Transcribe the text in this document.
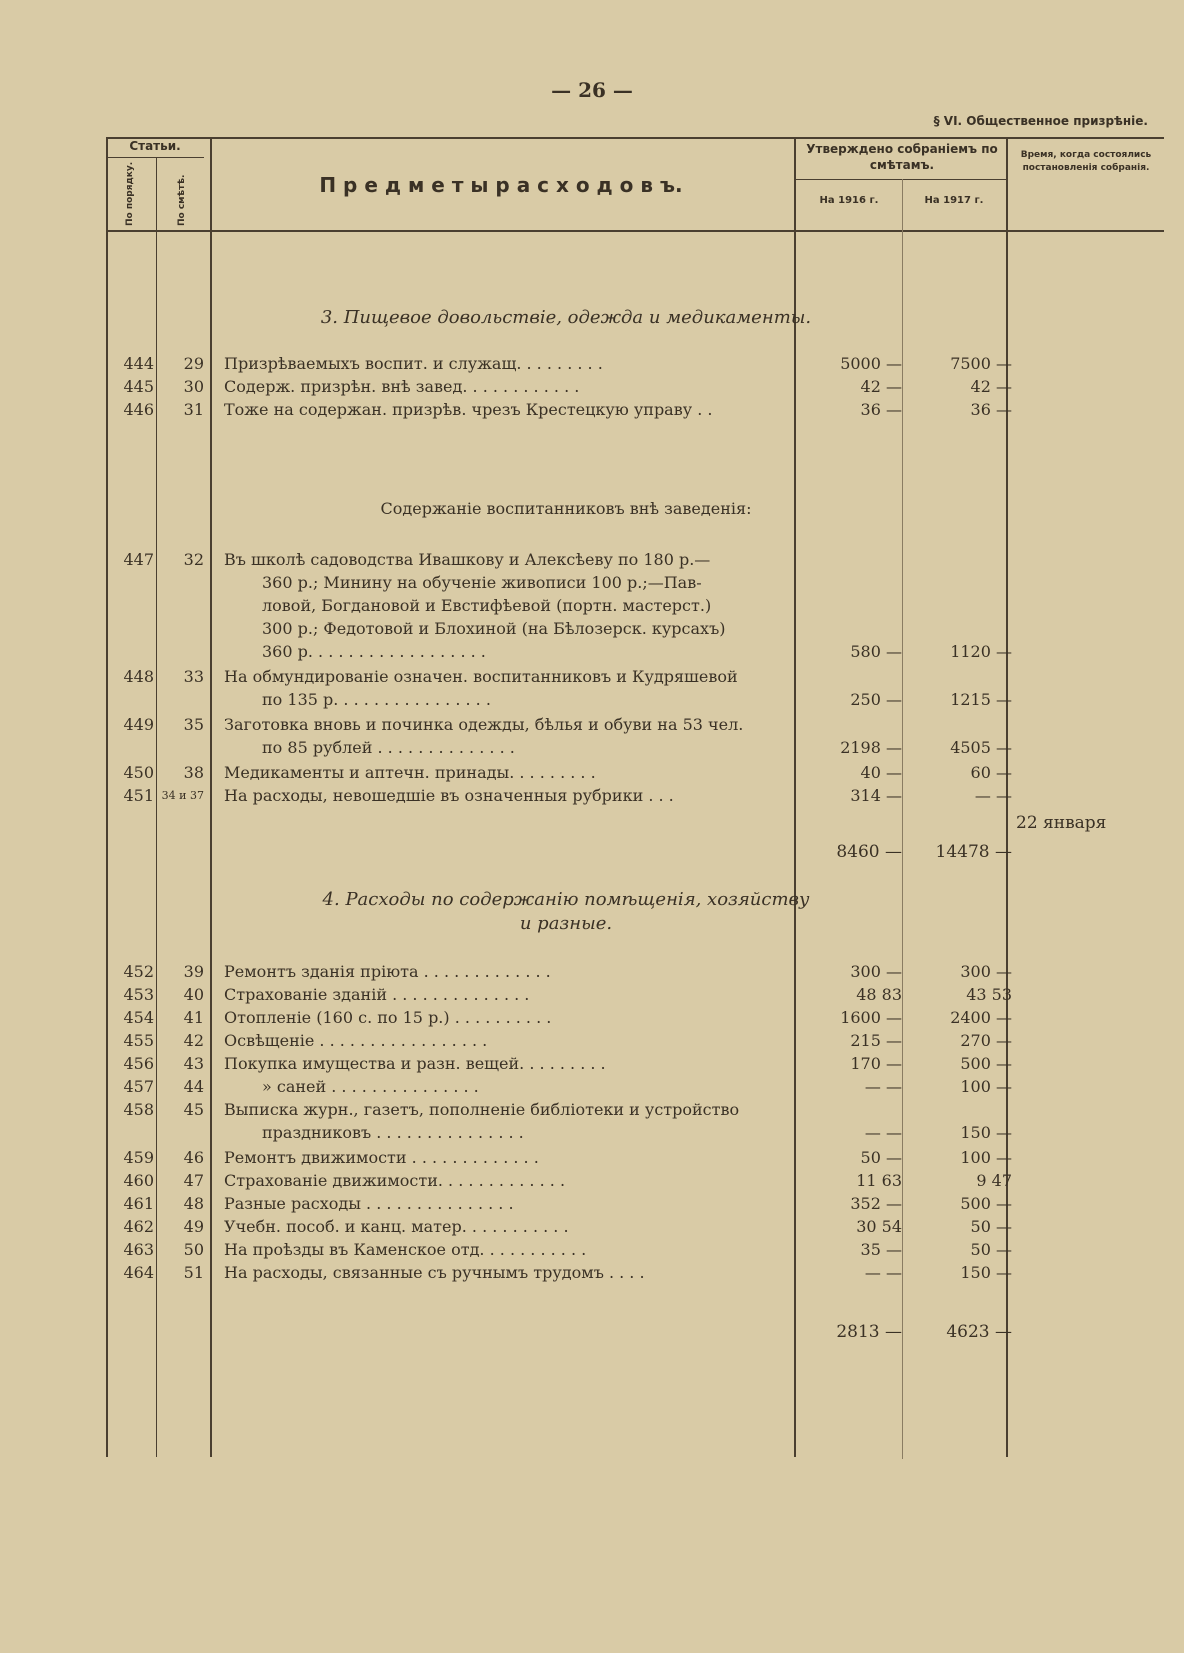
— 26 —
§ VI. Общественное призрѣніе.
Статьи.
По порядку.	По смѣтѣ.	П р е д м е т ы р а с х о д о в ъ.
Утверждено собраніемъ по смѣтамъ.
На 1916 г.	На 1917 г.
Время, когда состоялись постановленія собранія.
3. Пищевое довольствіе, одежда и медикаменты.
444	29 Призрѣваемыхъ воспит. и служащ. . . . . . . . .	5000 —	7500 —
445	30 Содерж. призрѣн. внѣ завед. . . . . . . . . . . .	42 —	42 —
446	31 Тоже на содержан. призрѣв. чрезъ Крестецкую управу . .	36 —	36 —
Содержаніе воспитанниковъ внѣ заведенія:
447	32 Въ школѣ садоводства Ивашкову и Алексѣеву по 180 р.—
360 р.; Минину на обученіе живописи 100 р.;—Пав-
ловой, Богдановой и Евстифѣевой (портн. мастерст.)
300 р.; Федотовой и Блохиной (на Бѣлозерск. курсахъ)
360 р. . . . . . . . . . . . . . . . . .	580 —	1120 —
448	33 На обмундированіе означен. воспитанниковъ и Кудряшевой
по 135 р. . . . . . . . . . . . . . . .	250 —	1215 —
449	35 Заготовка вновь и починка одежды, бѣлья и обуви на 53 чел.
по 85 рублей . . . . . . . . . . . . . .	2198 —	4505 —
450	38 Медикаменты и аптечн. принады. . . . . . . . .	40 —	60 —
451 34 и 37 На расходы, невошедшіе въ означенныя рубрики . . .	314 —	— —
22 января
8460 —	14478 —
4. Расходы по содержанію помѣщенія, хозяйству
и разные.
452	39 Ремонтъ зданія пріюта . . . . . . . . . . . . .	300 —	300 —
453	40 Страхованіе зданій . . . . . . . . . . . . . .	48 83	43 53
454	41 Отопленіе (160 с. по 15 р.) . . . . . . . . . .	1600 —	2400 —
455	42 Освѣщеніе . . . . . . . . . . . . . . . . .	215 —	270 —
456	43 Покупка имущества и разн. вещей. . . . . . . . .	170 —	500 —
457	44	» саней . . . . . . . . . . . . . . .	— —	100 —
458	45 Выписка журн., газетъ, пополненіе библіотеки и устройство
праздниковъ . . . . . . . . . . . . . . .	— —	150 —
459	46 Ремонтъ движимости . . . . . . . . . . . . .	50 —	100 —
460	47 Страхованіе движимости. . . . . . . . . . . . .	11 63	9 47
461	48 Разные расходы . . . . . . . . . . . . . . .	352 —	500 —
462	49 Учебн. пособ. и канц. матер. . . . . . . . . . .	30 54	50 —
463	50 На проѣзды въ Каменское отд. . . . . . . . . . .	35 —	50 —
464	51 На расходы, связанные съ ручнымъ трудомъ . . . .	— —	150 —
2813 —	4623 —
